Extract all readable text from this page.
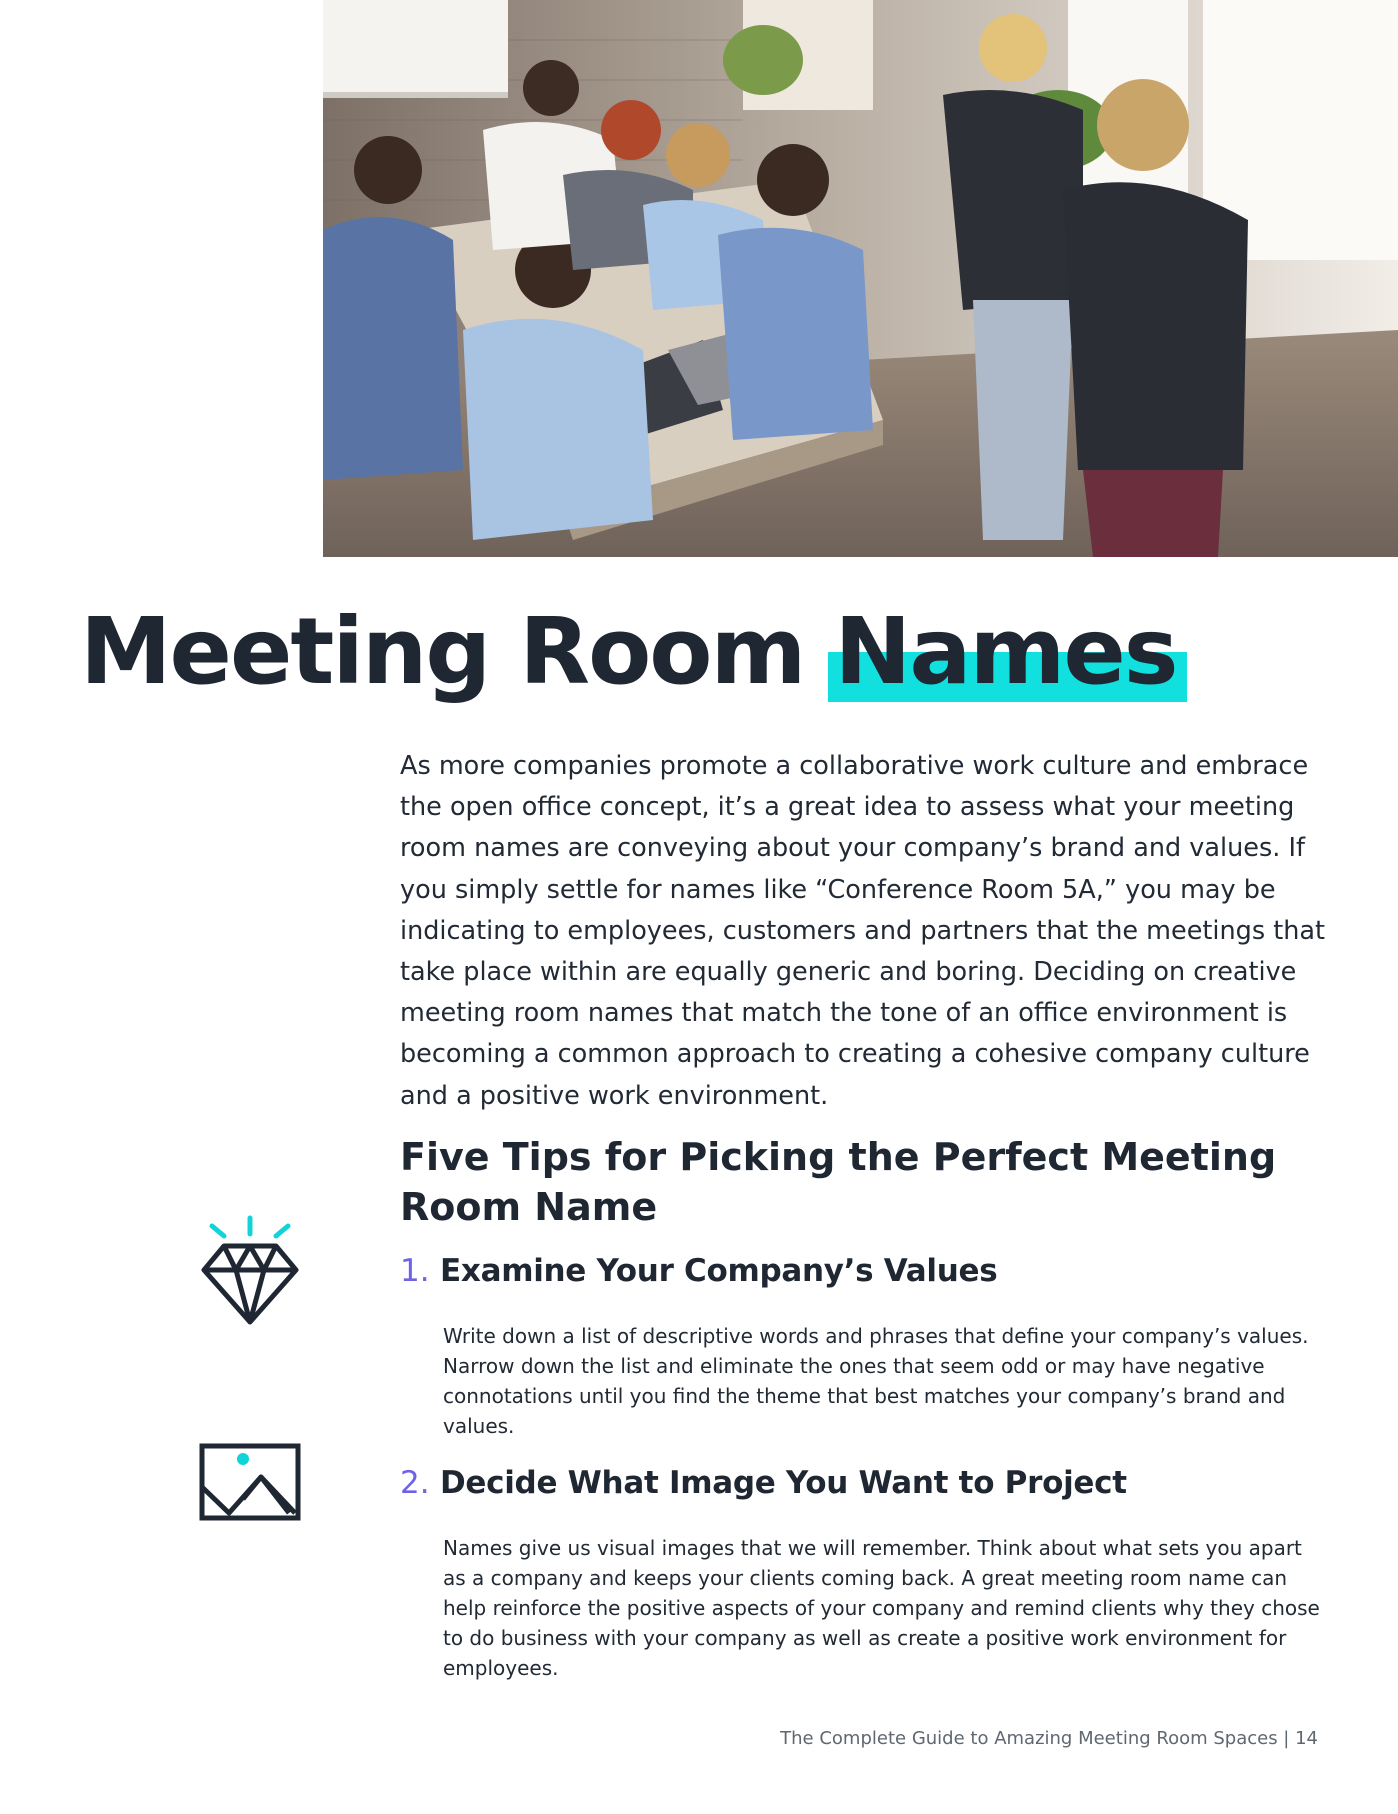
Meeting Room Names

As more companies promote a collaborative work culture and embrace the open office concept, it’s a great idea to assess what your meeting room names are conveying about your company’s brand and values. If you simply settle for names like “Conference Room 5A,” you may be indicating to employees, customers and partners that the meetings that take place within are equally generic and boring. Deciding on creative meeting room names that match the tone of an office environment is becoming a common approach to creating a cohesive company culture and a positive work environment.

Five Tips for Picking the Perfect Meeting Room Name
1. Examine Your Company’s Values

Write down a list of descriptive words and phrases that define your company’s values. Narrow down the list and eliminate the ones that seem odd or may have negative connotations until you find the theme that best matches your company’s brand and values.

2. Decide What Image You Want to Project

Names give us visual images that we will remember. Think about what sets you apart as a company and keeps your clients coming back. A great meeting room name can help reinforce the positive aspects of your company and remind clients why they chose to do business with your company as well as create a positive work environment for employees.

The Complete Guide to Amazing Meeting Room Spaces | 14
